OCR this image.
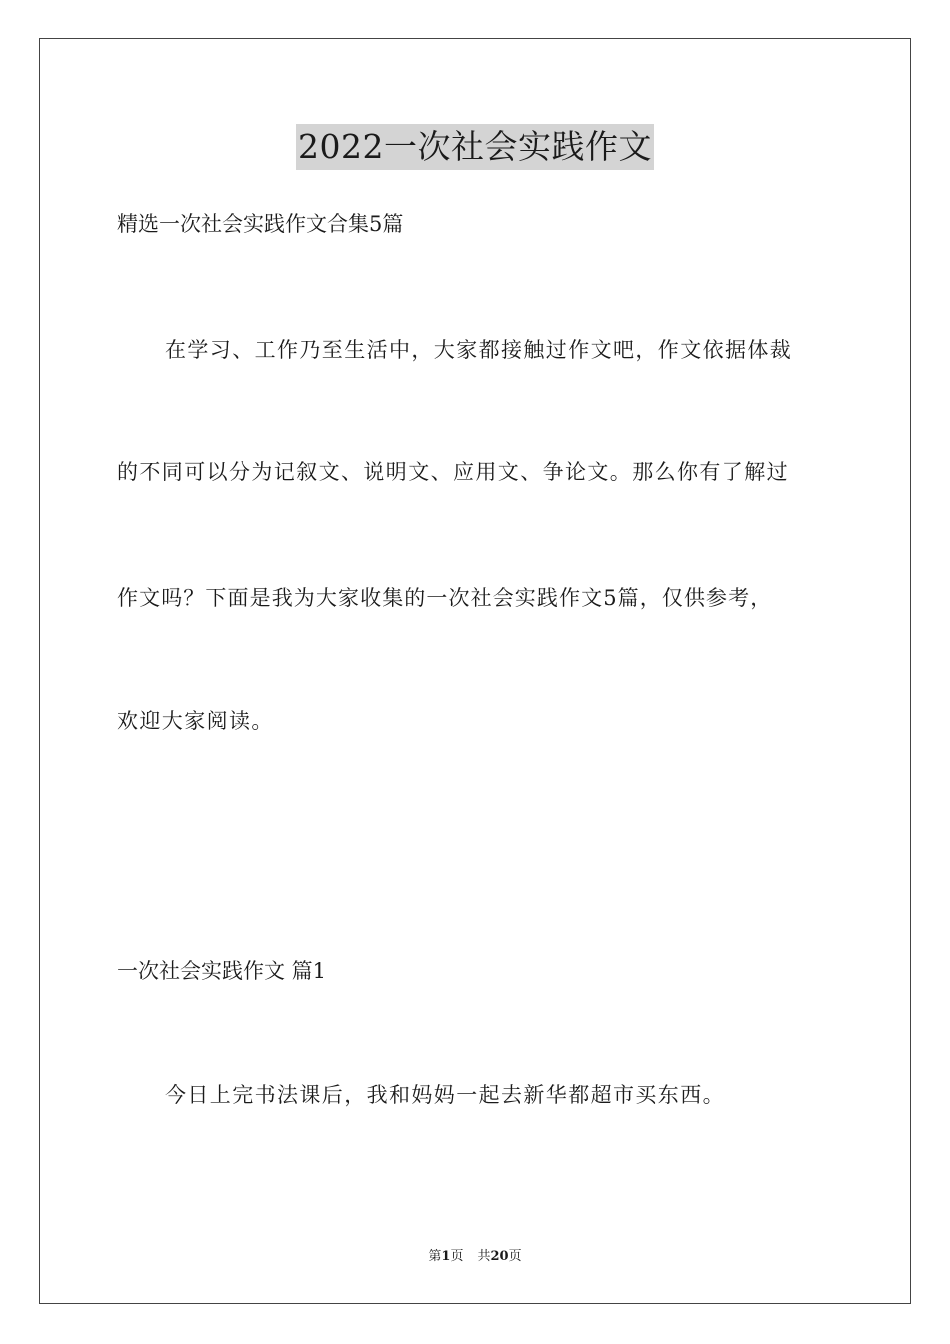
2022一次社会实践作文
精选一次社会实践作文合集5篇
在学习、工作乃至生活中，大家都接触过作文吧，作文依据体裁
的不同可以分为记叙文、说明文、应用文、争论文。那么你有了解过
作文吗？下面是我为大家收集的一次社会实践作文5篇，仅供参考，
欢迎大家阅读。
一次社会实践作文 篇1
今日上完书法课后，我和妈妈一起去新华都超市买东西。
第1页 共20页
